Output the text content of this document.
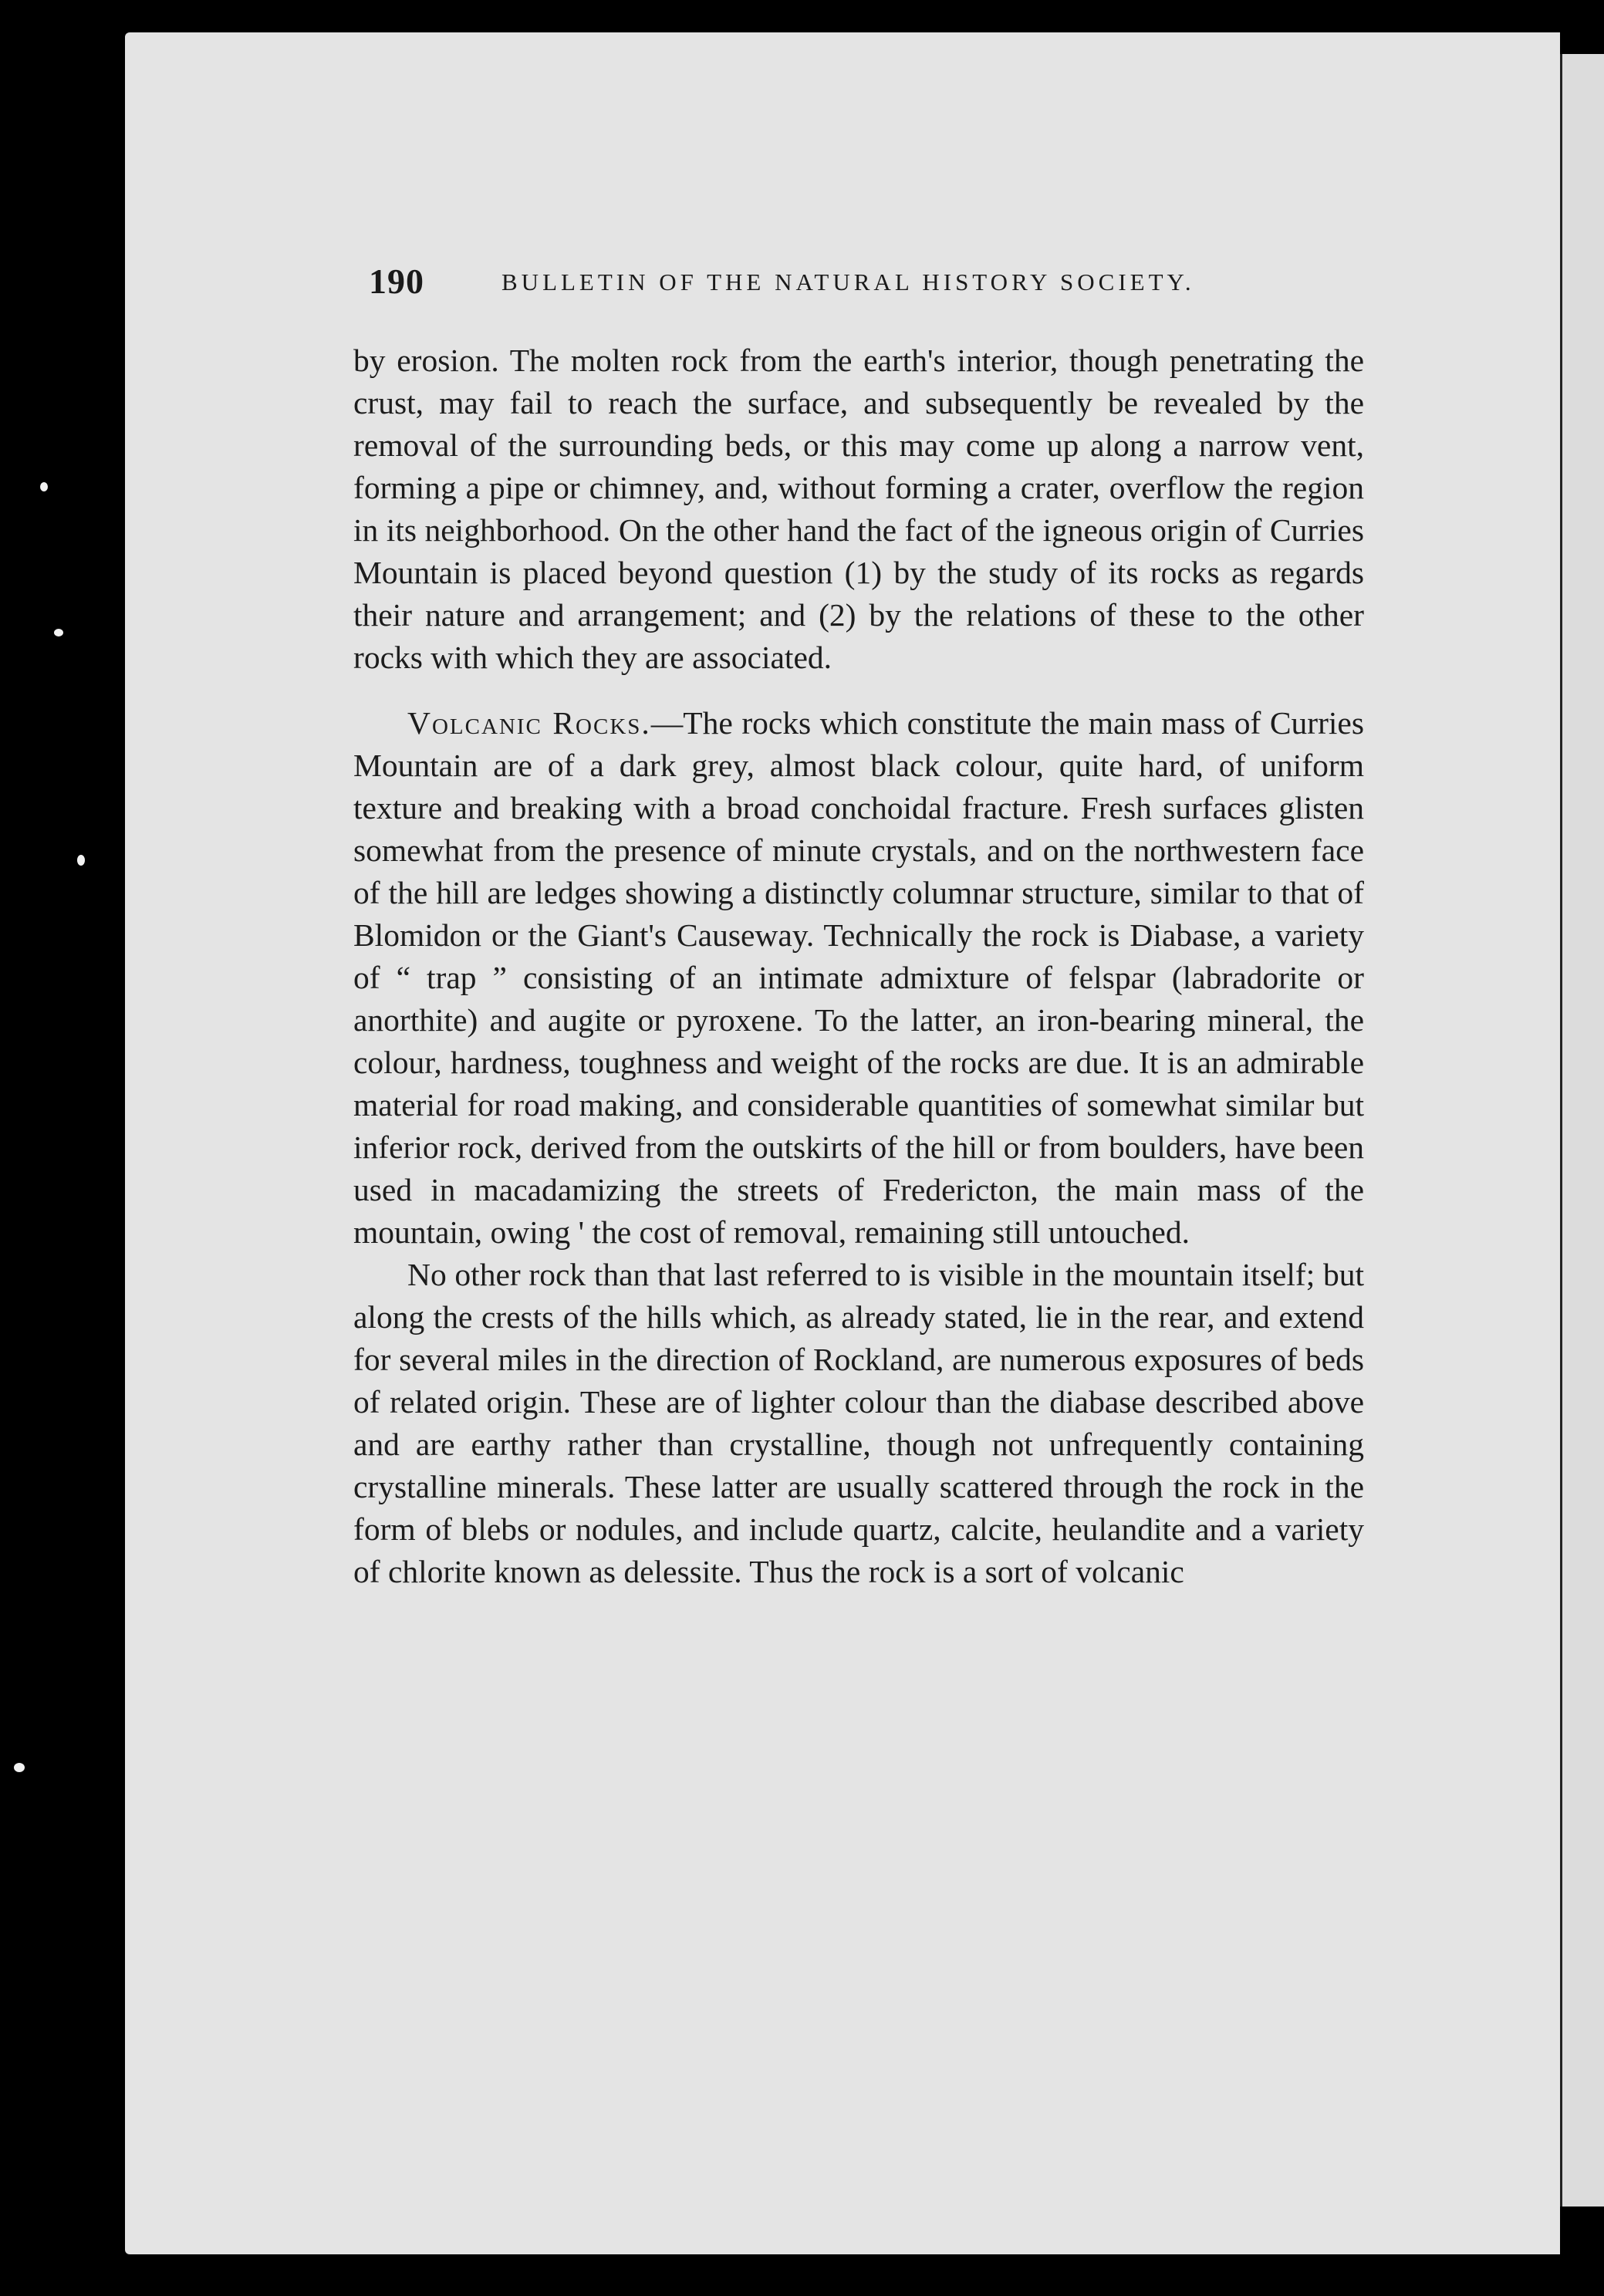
190	BULLETIN OF THE NATURAL HISTORY SOCIETY.

by erosion. The molten rock from the earth's interior, though penetrating the crust, may fail to reach the surface, and subsequently be revealed by the removal of the surrounding beds, or this may come up along a narrow vent, forming a pipe or chimney, and, without forming a crater, overflow the region in its neighborhood. On the other hand the fact of the igneous origin of Curries Mountain is placed beyond question (1) by the study of its rocks as regards their nature and arrangement; and (2) by the relations of these to the other rocks with which they are associated.

Volcanic Rocks.—The rocks which constitute the main mass of Curries Mountain are of a dark grey, almost black colour, quite hard, of uniform texture and breaking with a broad conchoidal fracture. Fresh surfaces glisten somewhat from the presence of minute crystals, and on the northwestern face of the hill are ledges showing a distinctly columnar structure, similar to that of Blomidon or the Giant's Causeway. Technically the rock is Diabase, a variety of “ trap ” consisting of an intimate admixture of felspar (labradorite or anorthite) and augite or pyroxene. To the latter, an iron-bearing mineral, the colour, hardness, toughness and weight of the rocks are due. It is an admirable material for road making, and considerable quantities of somewhat similar but inferior rock, derived from the outskirts of the hill or from boulders, have been used in macadamizing the streets of Fredericton, the main mass of the mountain, owing ' the cost of removal, remaining still untouched.

No other rock than that last referred to is visible in the mountain itself; but along the crests of the hills which, as already stated, lie in the rear, and extend for several miles in the direction of Rockland, are numerous exposures of beds of related origin. These are of lighter colour than the diabase described above and are earthy rather than crystalline, though not unfrequently containing crystalline minerals. These latter are usually scattered through the rock in the form of blebs or nodules, and include quartz, calcite, heulandite and a variety of chlorite known as delessite. Thus the rock is a sort of volcanic
